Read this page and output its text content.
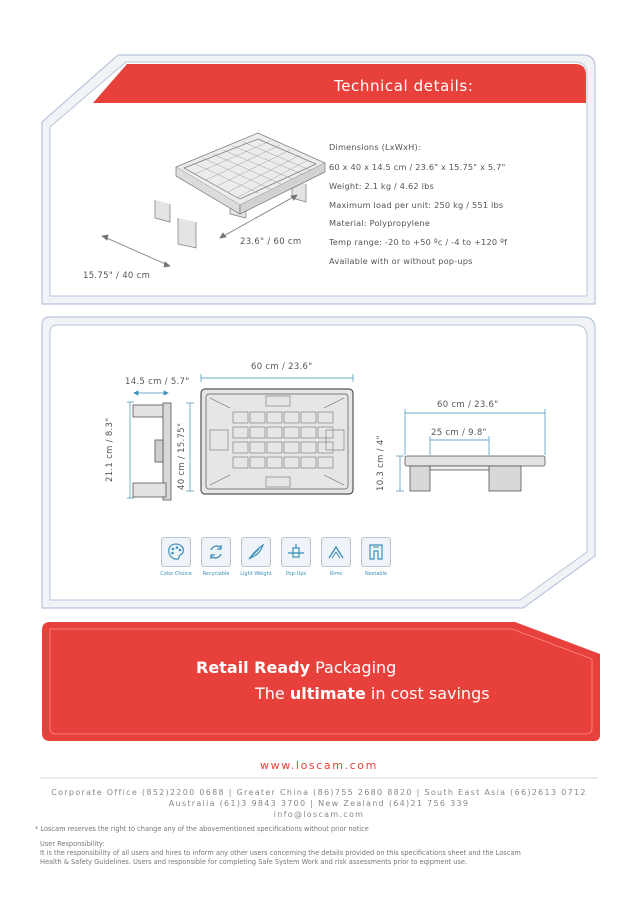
Technical details:
23.6" / 60 cm
15.75" / 40 cm
Dimensions (LxWxH):
60 x 40 x 14.5 cm / 23.6" x 15.75" x 5.7"
Weight: 2.1 kg / 4.62 lbs
Maximum load per unit: 250 kg / 551 lbs
Material: Polypropylene
Temp range: -20 to +50 ºc / -4 to +120 ºf
Available with or without pop-ups
14.5 cm / 5.7"
21.1 cm / 8.3"
60 cm / 23.6"
40 cm / 15.75"
60 cm / 23.6"
25 cm / 9.8"
10.3 cm / 4"
Color Choice	Recyclable	Light Weight	Pop-Ups	Rims	Nestable
Retail Ready Packaging
The ultimate in cost savings
www.loscam.com
Corporate Office (852)2200 0688 | Greater China (86)755 2680 8820 | South East Asia (66)2613 0712
Australia (61)3 9843 3700 | New Zealand (64)21 756 339
info@loscam.com
* Loscam reserves the right to change any of the abovementioned specifications without prior notice
User Responsibility:
It is the responsibility of all users and hires to inform any other users concerning the details provided on this specifications sheet and the Loscam
Health & Safety Guidelines. Users and responsible for completing Safe System Work and risk assessments prior to eqipment use.
